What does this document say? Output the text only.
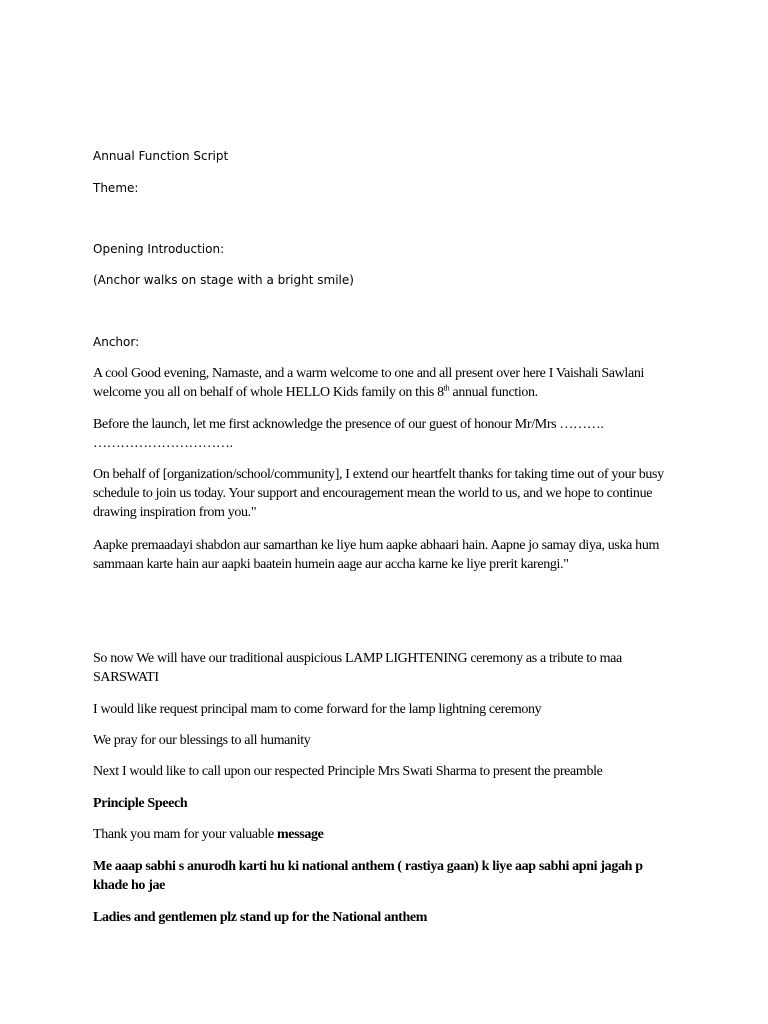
Annual Function Script
Theme:
Opening Introduction:
(Anchor walks on stage with a bright smile)
Anchor:
A cool Good evening, Namaste, and a warm welcome to one and all present over here I Vaishali Sawlani
welcome you all on behalf of whole HELLO Kids family on this 8th annual function.
Before the launch, let me first acknowledge the presence of our guest of honour Mr/Mrs ……….
………………………….
On behalf of [organization/school/community], I extend our heartfelt thanks for taking time out of your busy
schedule to join us today. Your support and encouragement mean the world to us, and we hope to continue
drawing inspiration from you."
Aapke premaadayi shabdon aur samarthan ke liye hum aapke abhaari hain. Aapne jo samay diya, uska hum
sammaan karte hain aur aapki baatein humein aage aur accha karne ke liye prerit karengi."
So now We will have our traditional auspicious LAMP LIGHTENING ceremony as a tribute to maa
SARSWATI
I would like request principal mam to come forward for the lamp lightning ceremony
We pray for our blessings to all humanity
Next I would like to call upon our respected Principle Mrs Swati Sharma to present the preamble
Principle Speech
Thank you mam for your valuable message
Me aaap sabhi s anurodh karti hu ki national anthem ( rastiya gaan) k liye aap sabhi apni jagah p
khade ho jae
Ladies and gentlemen plz stand up for the National anthem
